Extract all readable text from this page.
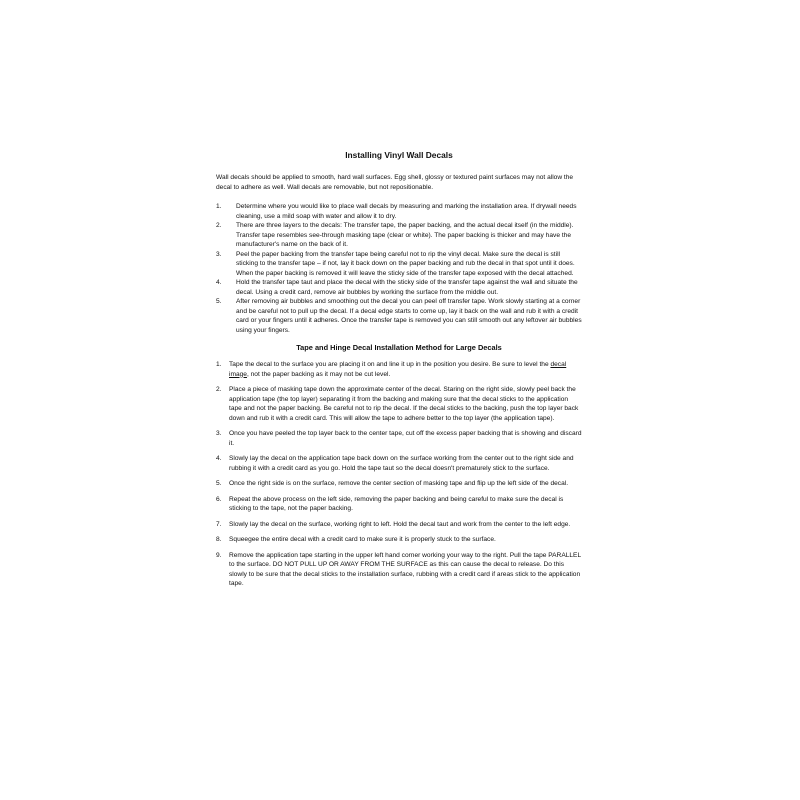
Installing Vinyl Wall Decals

Wall decals should be applied to smooth, hard wall surfaces. Egg shell, glossy or textured paint surfaces may not allow the decal to adhere as well. Wall decals are removable, but not repositionable.

1.	Determine where you would like to place wall decals by measuring and marking the installation area. If drywall needs cleaning, use a mild soap with water and allow it to dry.
2.	There are three layers to the decals: The transfer tape, the paper backing, and the actual decal itself (in the middle). Transfer tape resembles see-through masking tape (clear or white). The paper backing is thicker and may have the manufacturer's name on the back of it.
3.	Peel the paper backing from the transfer tape being careful not to rip the vinyl decal. Make sure the decal is still sticking to the transfer tape – if not, lay it back down on the paper backing and rub the decal in that spot until it does. When the paper backing is removed it will leave the sticky side of the transfer tape exposed with the decal attached.
4.	Hold the transfer tape taut and place the decal with the sticky side of the transfer tape against the wall and situate the decal. Using a credit card, remove air bubbles by working the surface from the middle out.
5.	After removing air bubbles and smoothing out the decal you can peel off transfer tape. Work slowly starting at a corner and be careful not to pull up the decal. If a decal edge starts to come up, lay it back on the wall and rub it with a credit card or your fingers until it adheres. Once the transfer tape is removed you can still smooth out any leftover air bubbles using your fingers.
Tape and Hinge Decal Installation Method for Large Decals
1.	Tape the decal to the surface you are placing it on and line it up in the position you desire. Be sure to level the decal image, not the paper backing as it may not be cut level.
2.	Place a piece of masking tape down the approximate center of the decal. Staring on the right side, slowly peel back the application tape (the top layer) separating it from the backing and making sure that the decal sticks to the application tape and not the paper backing. Be careful not to rip the decal. If the decal sticks to the backing, push the top layer back down and rub it with a credit card. This will allow the tape to adhere better to the top layer (the application tape).
3.	Once you have peeled the top layer back to the center tape, cut off the excess paper backing that is showing and discard it.
4.	Slowly lay the decal on the application tape back down on the surface working from the center out to the right side and rubbing it with a credit card as you go. Hold the tape taut so the decal doesn't prematurely stick to the surface.
5.	Once the right side is on the surface, remove the center section of masking tape and flip up the left side of the decal.
6.	Repeat the above process on the left side, removing the paper backing and being careful to make sure the decal is sticking to the tape, not the paper backing.
7.	Slowly lay the decal on the surface, working right to left. Hold the decal taut and work from the center to the left edge.
8.	Squeegee the entire decal with a credit card to make sure it is properly stuck to the surface.
9.	Remove the application tape starting in the upper left hand corner working your way to the right. Pull the tape PARALLEL to the surface. DO NOT PULL UP OR AWAY FROM THE SURFACE as this can cause the decal to release. Do this slowly to be sure that the decal sticks to the installation surface, rubbing with a credit card if areas stick to the application tape.
